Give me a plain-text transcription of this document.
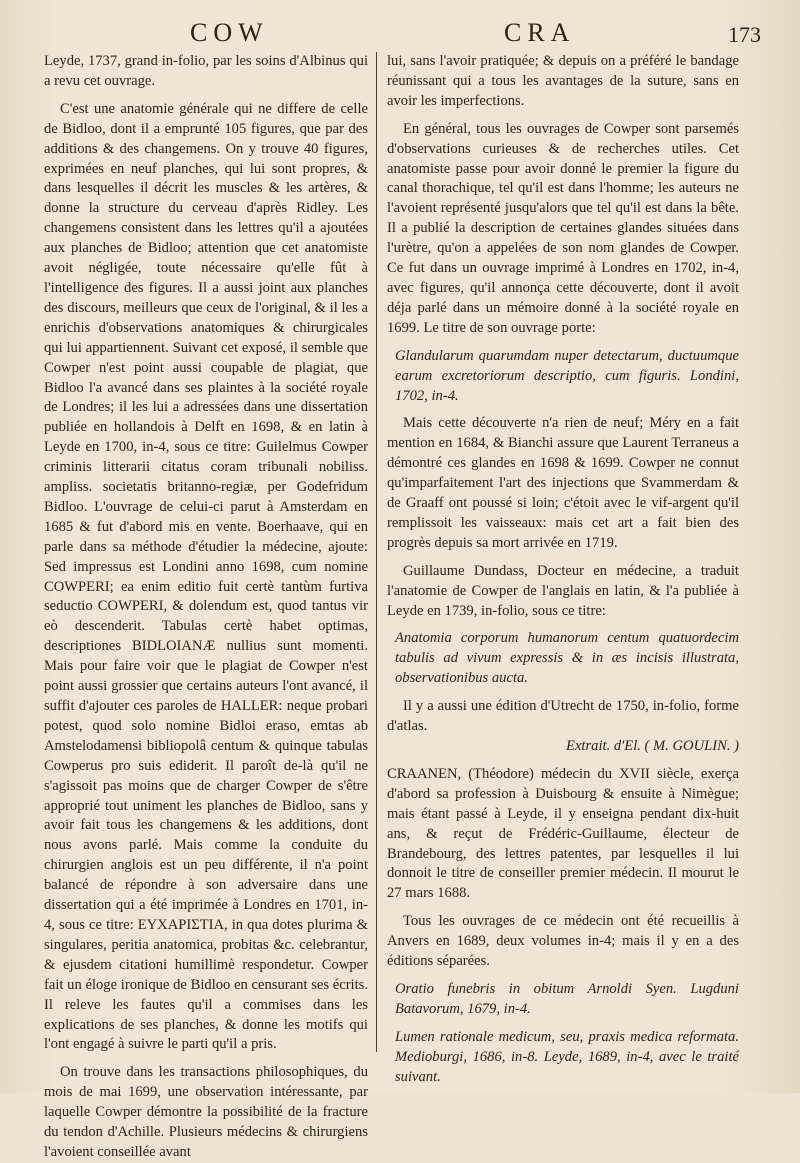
COW	CRA	173

Leyde, 1737, grand in-folio, par les soins d'Albinus qui a revu cet ouvrage.

C'est une anatomie générale qui ne differe de celle de Bidloo, dont il a emprunté 105 figures, que par des additions & des changemens. On y trouve 40 figures, exprimées en neuf planches, qui lui sont propres, & dans lesquelles il décrit les muscles & les artères, & donne la structure du cerveau d'après Ridley. Les changemens consistent dans les lettres qu'il a ajoutées aux planches de Bidloo; attention que cet anatomiste avoit négligée, toute nécessaire qu'elle fût à l'intelligence des figures. Il a aussi joint aux planches des discours, meilleurs que ceux de l'original, & il les a enrichis d'observations anatomiques & chirurgicales qui lui appartiennent. Suivant cet exposé, il semble que Cowper n'est point aussi coupable de plagiat, que Bidloo l'a avancé dans ses plaintes à la société royale de Londres; il les lui a adressées dans une dissertation publiée en hollandois à Delft en 1698, & en latin à Leyde en 1700, in-4, sous ce titre: Guilelmus Cowper criminis litterarii citatus coram tribunali nobiliss. ampliss. societatis britanno-regiæ, per Godefridum Bidloo. L'ouvrage de celui-ci parut à Amsterdam en 1685 & fut d'abord mis en vente. Boerhaave, qui en parle dans sa méthode d'étudier la médecine, ajoute: Sed impressus est Londini anno 1698, cum nomine COWPERI; ea enim editio fuit certè tantùm furtiva seductio COWPERI, & dolendum est, quod tantus vir eò descenderit. Tabulas certè habet optimas, descriptiones BIDLOIANÆ nullius sunt momenti. Mais pour faire voir que le plagiat de Cowper n'est point aussi grossier que certains auteurs l'ont avancé, il suffit d'ajouter ces paroles de HALLER: neque probari potest, quod solo nomine Bidloi eraso, emtas ab Amstelodamensi bibliopolâ centum & quinque tabulas Cowperus pro suis ediderit. Il paroît de-là qu'il ne s'agissoit pas moins que de charger Cowper de s'être approprié tout uniment les planches de Bidloo, sans y avoir fait tous les changemens & les additions, dont nous avons parlé. Mais comme la conduite du chirurgien anglois est un peu différente, il n'a point balancé de répondre à son adversaire dans une dissertation qui a été imprimée à Londres en 1701, in-4, sous ce titre: ΕΥΧΑΡΙΣΤΙΑ, in qua dotes plurima & singulares, peritia anatomica, probitas &c. celebrantur, & ejusdem citationi humillimè respondetur. Cowper fait un éloge ironique de Bidloo en censurant ses écrits. Il releve les fautes qu'il a commises dans les explications de ses planches, & donne les motifs qui l'ont engagé à suivre le parti qu'il a pris.

On trouve dans les transactions philosophiques, du mois de mai 1699, une observation intéressante, par laquelle Cowper démontre la possibilité de la fracture du tendon d'Achille. Plusieurs médecins & chirurgiens l'avoient conseillée avant

lui, sans l'avoir pratiquée; & depuis on a préféré le bandage réunissant qui a tous les avantages de la suture, sans en avoir les imperfections.

En général, tous les ouvrages de Cowper sont parsemés d'observations curieuses & de recherches utiles. Cet anatomiste passe pour avoir donné le premier la figure du canal thorachique, tel qu'il est dans l'homme; les auteurs ne l'avoient représenté jusqu'alors que tel qu'il est dans la bête. Il a publié la description de certaines glandes situées dans l'urètre, qu'on a appelées de son nom glandes de Cowper. Ce fut dans un ouvrage imprimé à Londres en 1702, in-4, avec figures, qu'il annonça cette découverte, dont il avoit déja parlé dans un mémoire donné à la société royale en 1699. Le titre de son ouvrage porte:

Glandularum quarumdam nuper detectarum, ductuumque earum excretoriorum descriptio, cum figuris. Londini, 1702, in-4.

Mais cette découverte n'a rien de neuf; Méry en a fait mention en 1684, & Bianchi assure que Laurent Terraneus a démontré ces glandes en 1698 & 1699. Cowper ne connut qu'imparfaitement l'art des injections que Svammerdam & de Graaff ont poussé si loin; c'étoit avec le vif-argent qu'il remplissoit les vaisseaux: mais cet art a fait bien des progrès depuis sa mort arrivée en 1719.

Guillaume Dundass, Docteur en médecine, a traduit l'anatomie de Cowper de l'anglais en latin, & l'a publiée à Leyde en 1739, in-folio, sous ce titre:

Anatomia corporum humanorum centum quatuordecim tabulis ad vivum expressis & in æs incisis illustrata, observationibus aucta.

Il y a aussi une édition d'Utrecht de 1750, in-folio, forme d'atlas.

Extrait. d'El. ( M. GOULIN. )

CRAANEN, (Théodore) médecin du XVII siècle, exerça d'abord sa profession à Duisbourg & ensuite à Nimègue; mais étant passé à Leyde, il y enseigna pendant dix-huit ans, & reçut de Frédéric-Guillaume, électeur de Brandebourg, des lettres patentes, par lesquelles il lui donnoit le titre de conseiller premier médecin. Il mourut le 27 mars 1688.

Tous les ouvrages de ce médecin ont été recueillis à Anvers en 1689, deux volumes in-4; mais il y en a des éditions séparées.

Oratio funebris in obitum Arnoldi Syen. Lugduni Batavorum, 1679, in-4.

Lumen rationale medicum, seu, praxis medica reformata. Medioburgi, 1686, in-8. Leyde, 1689, in-4, avec le traité suivant.
